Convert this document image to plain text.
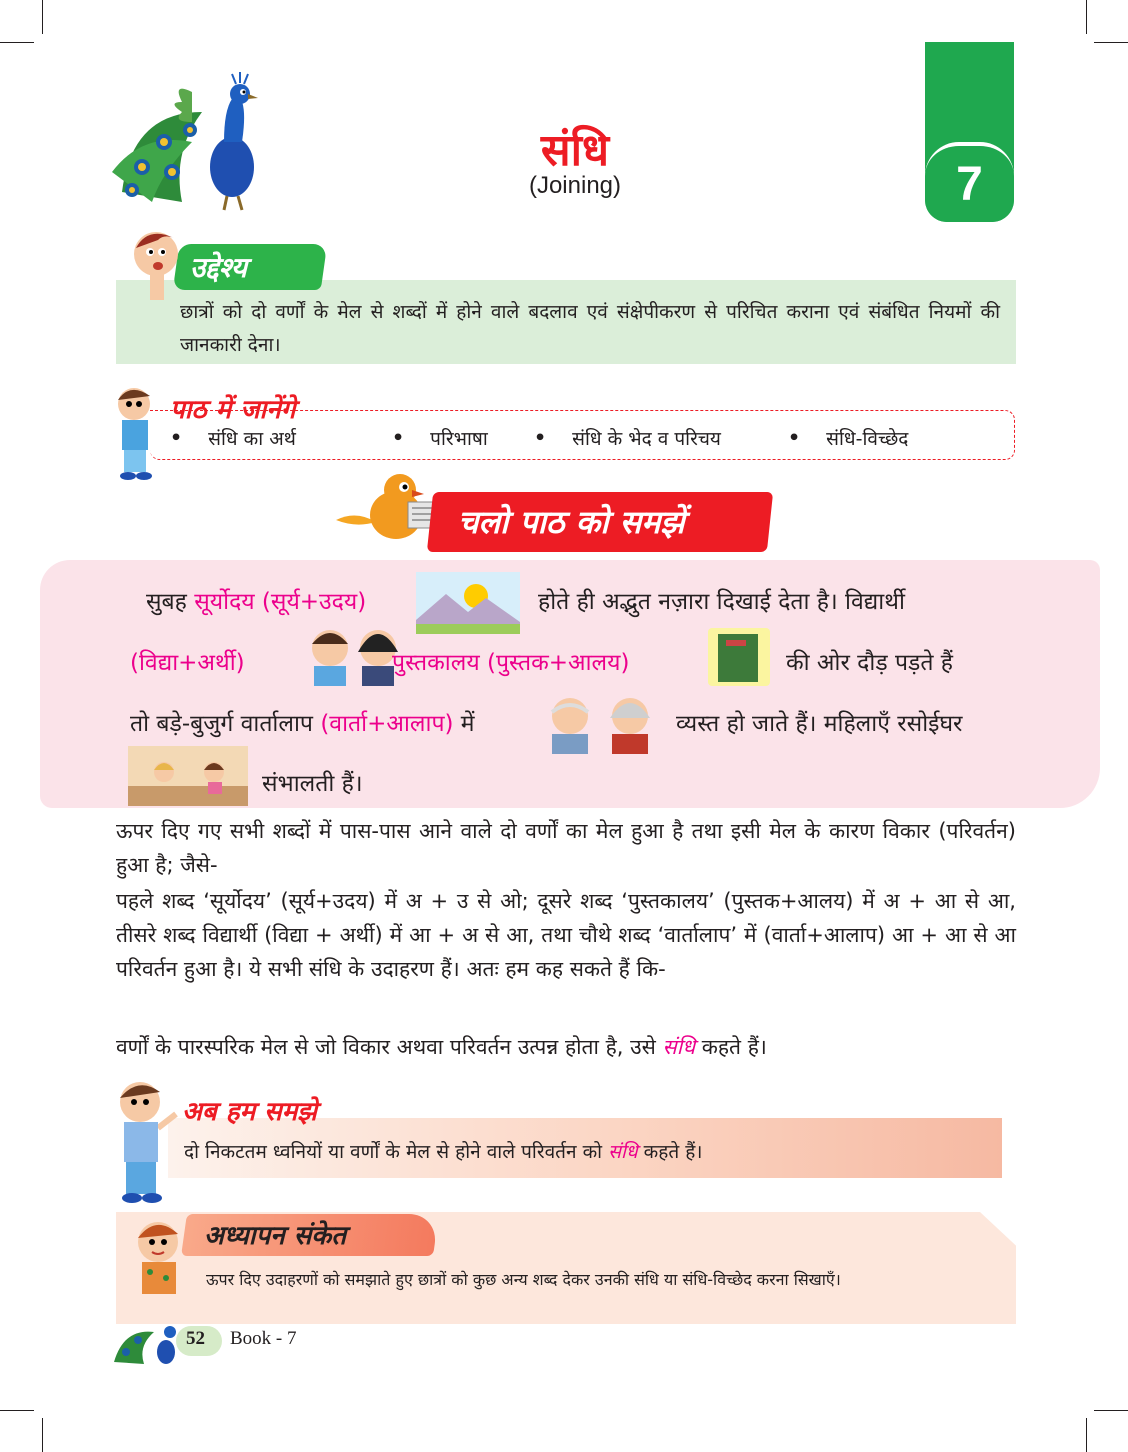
संधि
(Joining)	7
उद्देश्य
छात्रों को दो वर्णों के मेल से शब्दों में होने वाले बदलाव एवं संक्षेपीकरण से परिचित कराना एवं संबंधित नियमों की जानकारी देना।
पाठ में जानेंगे
• संधि का अर्थ	• परिभाषा • संधि के भेद व परिचय	• संधि-विच्छेद
चलो पाठ को समझें
सुबह सूर्योदय (सूर्य+उदय)	होते ही अद्भुत नज़ारा दिखाई देता है। विद्यार्थी
(विद्या+अर्थी)	पुस्तकालय (पुस्तक+आलय)	की ओर दौड़ पड़ते हैं
तो बड़े-बुजुर्ग वार्तालाप (वार्ता+आलाप) में	व्यस्त हो जाते हैं। महिलाएँ रसोईघर
संभालती हैं।
ऊपर दिए गए सभी शब्दों में पास-पास आने वाले दो वर्णों का मेल हुआ है तथा इसी मेल के कारण विकार (परिवर्तन) हुआ है; जैसे-
पहले शब्द ‘सूर्योदय’ (सूर्य+उदय) में अ + उ से ओ; दूसरे शब्द ‘पुस्तकालय’ (पुस्तक+आलय) में अ + आ से आ, तीसरे शब्द विद्यार्थी (विद्या + अर्थी) में आ + अ से आ, तथा चौथे शब्द ‘वार्तालाप’ में (वार्ता+आलाप) आ + आ से आ परिवर्तन हुआ है। ये सभी संधि के उदाहरण हैं। अतः हम कह सकते हैं कि-
वर्णों के पारस्परिक मेल से जो विकार अथवा परिवर्तन उत्पन्न होता है, उसे संधि कहते हैं।
अब हम समझे
दो निकटतम ध्वनियों या वर्णों के मेल से होने वाले परिवर्तन को संधि कहते हैं।
अध्यापन संकेत
ऊपर दिए उदाहरणों को समझाते हुए छात्रों को कुछ अन्य शब्द देकर उनकी संधि या संधि-विच्छेद करना सिखाएँ।
52 Book - 7
